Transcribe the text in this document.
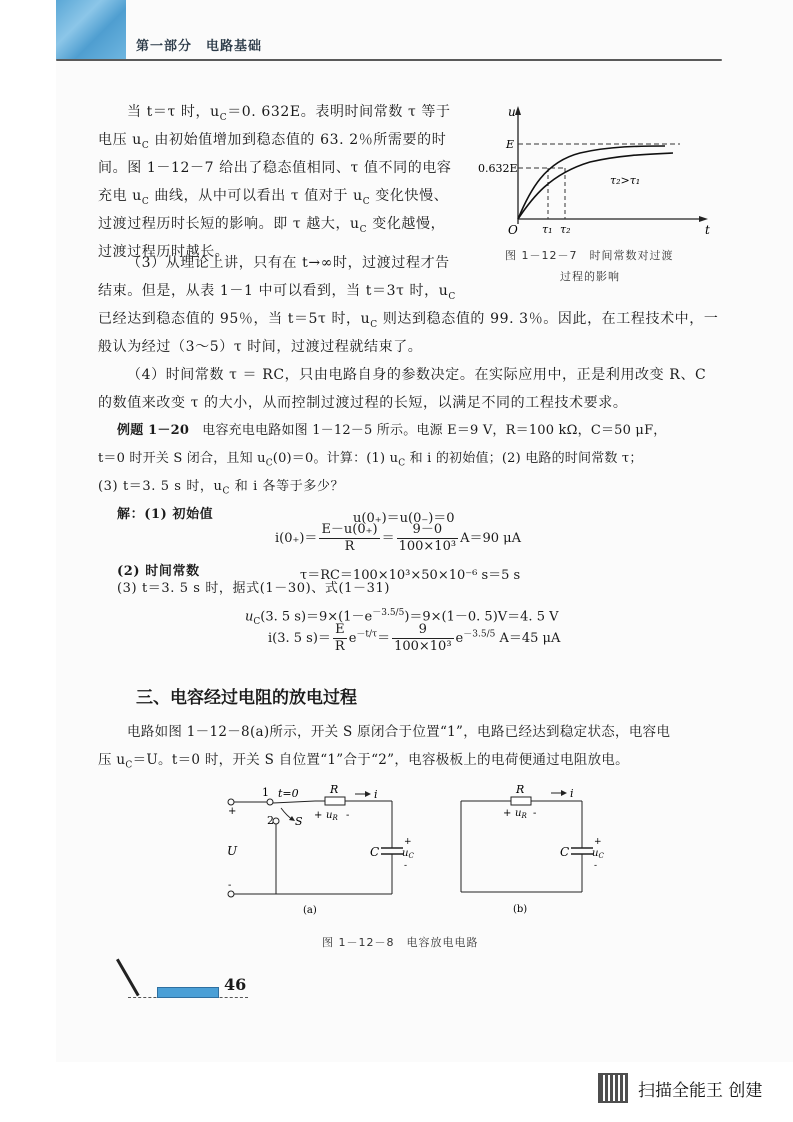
第一部分　电路基础
当 t＝τ 时，$u_C=0$. 632E。表明时间常数 τ 等于
电压 $u_C$ 由初始值增加到稳态值的 63. 2％所需要的时
间。图 1－12－7 给出了稳态值相同、τ 值不同的电容
充电 $u_C$ 曲线，从中可以看出 τ 值对于 $u_C$ 变化快慢、
过渡过程历时长短的影响。即 τ 越大，$u_C$ 变化越慢，
过渡过程历时越长。
u
t
O
E
0.632E
τ₁ τ₂
τ₂>τ₁
图 1－12－7　时间常数对过渡
过程的影响
（3）从理论上讲，只有在 t→∞时，过渡过程才告
结束。但是，从表 1－1 中可以看到，当 t＝3τ 时，$u_C$
已经达到稳态值的 95％，当 t＝5τ 时，$u_C$ 则达到稳态值的 99. 3％。因此，在工程技术中，一
般认为经过（3～5）τ 时间，过渡过程就结束了。
（4）时间常数 τ ＝ RC，只由电路自身的参数决定。在实际应用中，正是利用改变 R、C
的数值来改变 τ 的大小，从而控制过渡过程的长短，以满足不同的工程技术要求。
例题 1－20　电容充电电路如图 1－12－5 所示。电源 E＝9 V，R＝100 kΩ，C＝50 μF，
t＝0 时开关 S 闭合，且知 $u_C(0)=0$。计算：(1) $u_C$ 和 i 的初始值；(2) 电路的时间常数 τ；
(3) t＝3. 5 s 时，$u_C$ 和 i 各等于多少？
解：(1) 初始值	u(0₊)＝u(0₋)＝0
$i(0_+)= \frac{E-u(0_+)}{R} = \frac{9-0}{\text{100×10³}} A=90$ μA
(2) 时间常数	τ＝RC＝100×10³×50×10⁻⁶ s＝5 s
(3) t＝3. 5 s 时，据式(1－30)、式(1－31)
$u_C(3$. 5 $s)=9\times(1-e^{-3.5/5})=9\times(1-0$. 5)V＝4. 5 V
i(3. 5 $s)= \frac{E}{R} e^{-t/\tau}= \frac{9}{\text{100×10³}} e^{-3.5/5}$ A＝45 μA
三、电容经过电阻的放电过程
电路如图 1－12－8(a)所示，开关 S 原闭合于位置“1”，电路已经达到稳定状态，电容电
压 $u_C=U$。t＝0 时，开关 S 自位置“1”合于“2”，电容极板上的电荷便通过电阻放电。
1 t=0
2 S
R	i
+ $u_R$ -
+
-
U	C
+
$u_C$
-
(a)
R	i
+ $u_R$ -
C
+
$u_C$
-
(b)
图 1－12－8　电容放电电路
46
扫描全能王 创建
